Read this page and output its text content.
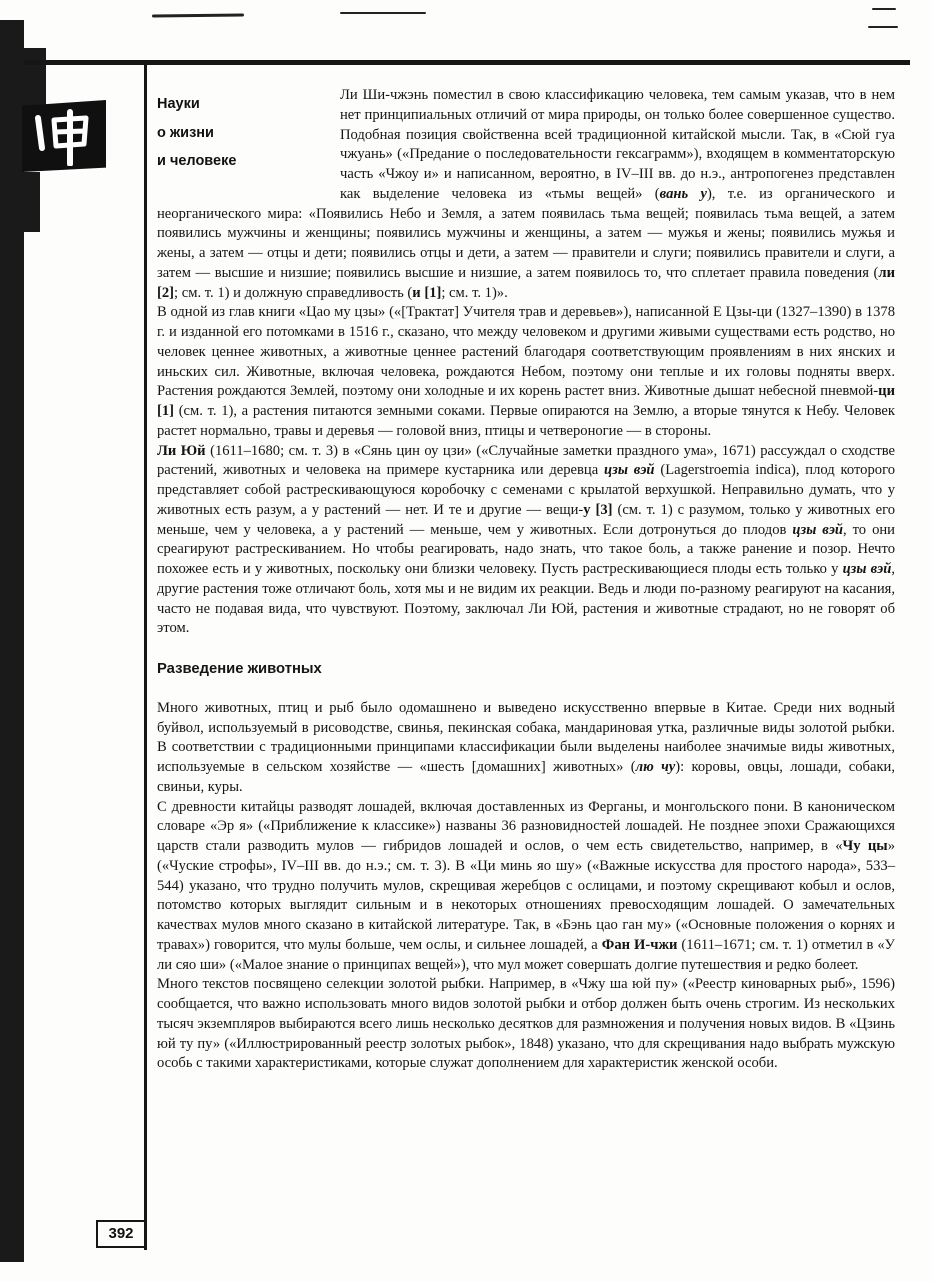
392
Науки
о жизни
и человеке

Ли Ши-чжэнь поместил в свою классификацию человека, тем самым указав, что в нем нет принципиальных отличий от мира природы, он только более совершенное существо. Подобная позиция свойственна всей традиционной китайской мысли. Так, в «Сюй гуа чжуань» («Предание о последовательности гексаграмм»), входящем в комментаторскую часть «Чжоу и» и написанном, вероятно, в IV–III вв. до н.э., антропогенез представлен как выделение человека из «тьмы вещей» (вань у), т.е. из органического и неорганического мира: «Появились Небо и Земля, а затем появилась тьма вещей; появилась тьма вещей, а затем появились мужчины и женщины; появились мужчины и женщины, а затем — мужья и жены; появились мужья и жены, а затем — отцы и дети; появились отцы и дети, а затем — правители и слуги; появились правители и слуги, а затем — высшие и низшие; появились высшие и низшие, а затем появилось то, что сплетает правила поведения (ли [2]; см. т. 1) и должную справедливость (и [1]; см. т. 1)».

В одной из глав книги «Цао му цзы» («[Трактат] Учителя трав и деревьев»), написанной Е Цзы-ци (1327–1390) в 1378 г. и изданной его потомками в 1516 г., сказано, что между человеком и другими живыми существами есть родство, но человек ценнее животных, а животные ценнее растений благодаря соответствующим проявлениям в них янских и иньских сил. Животные, включая человека, рождаются Небом, поэтому они теплые и их головы подняты вверх. Растения рождаются Землей, поэтому они холодные и их корень растет вниз. Животные дышат небесной пневмой-ци [1] (см. т. 1), а растения питаются земными соками. Первые опираются на Землю, а вторые тянутся к Небу. Человек растет нормально, травы и деревья — головой вниз, птицы и четвероногие — в стороны.

Ли Юй (1611–1680; см. т. 3) в «Сянь цин оу цзи» («Случайные заметки праздного ума», 1671) рассуждал о сходстве растений, животных и человека на примере кустарника или деревца цзы вэй (Lagerstroemia indica), плод которого представляет собой растрескивающуюся коробочку с семенами с крылатой верхушкой. Неправильно думать, что у животных есть разум, а у растений — нет. И те и другие — вещи-у [3] (см. т. 1) с разумом, только у животных его меньше, чем у человека, а у растений — меньше, чем у животных. Если дотронуться до плодов цзы вэй, то они среагируют растрескиванием. Но чтобы реагировать, надо знать, что такое боль, а также ранение и позор. Нечто похожее есть и у животных, поскольку они близки человеку. Пусть растрескивающиеся плоды есть только у цзы вэй, другие растения тоже отличают боль, хотя мы и не видим их реакции. Ведь и люди по-разному реагируют на касания, часто не подавая вида, что чувствуют. Поэтому, заключал Ли Юй, растения и животные страдают, но не говорят об этом.

Разведение животных

Много животных, птиц и рыб было одомашнено и выведено искусственно впервые в Китае. Среди них водный буйвол, используемый в рисоводстве, свинья, пекинская собака, мандариновая утка, различные виды золотой рыбки. В соответствии с традиционными принципами классификации были выделены наиболее значимые виды животных, используемые в сельском хозяйстве — «шесть [домашних] животных» (лю чу): коровы, овцы, лошади, собаки, свиньи, куры.

С древности китайцы разводят лошадей, включая доставленных из Ферганы, и монгольского пони. В каноническом словаре «Эр я» («Приближение к классике») названы 36 разновидностей лошадей. Не позднее эпохи Сражающихся царств стали разводить мулов — гибридов лошадей и ослов, о чем есть свидетельство, например, в «Чу цы» («Чуские строфы», IV–III вв. до н.э.; см. т. 3). В «Ци минь яо шу» («Важные искусства для простого народа», 533–544) указано, что трудно получить мулов, скрещивая жеребцов с ослицами, и поэтому скрещивают кобыл и ослов, потомство которых выглядит сильным и в некоторых отношениях превосходящим лошадей. О замечательных качествах мулов много сказано в китайской литературе. Так, в «Бэнь цао ган му» («Основные положения о корнях и травах») говорится, что мулы больше, чем ослы, и сильнее лошадей, а Фан И-чжи (1611–1671; см. т. 1) отметил в «У ли сяо ши» («Малое знание о принципах вещей»), что мул может совершать долгие путешествия и редко болеет.

Много текстов посвящено селекции золотой рыбки. Например, в «Чжу ша юй пу» («Реестр киноварных рыб», 1596) сообщается, что важно использовать много видов золотой рыбки и отбор должен быть очень строгим. Из нескольких тысяч экземпляров выбираются всего лишь несколько десятков для размножения и получения новых видов. В «Цзинь юй ту пу» («Иллюстрированный реестр золотых рыбок», 1848) указано, что для скрещивания надо выбрать мужскую особь с такими характеристиками, которые служат дополнением для характеристик женской особи.
